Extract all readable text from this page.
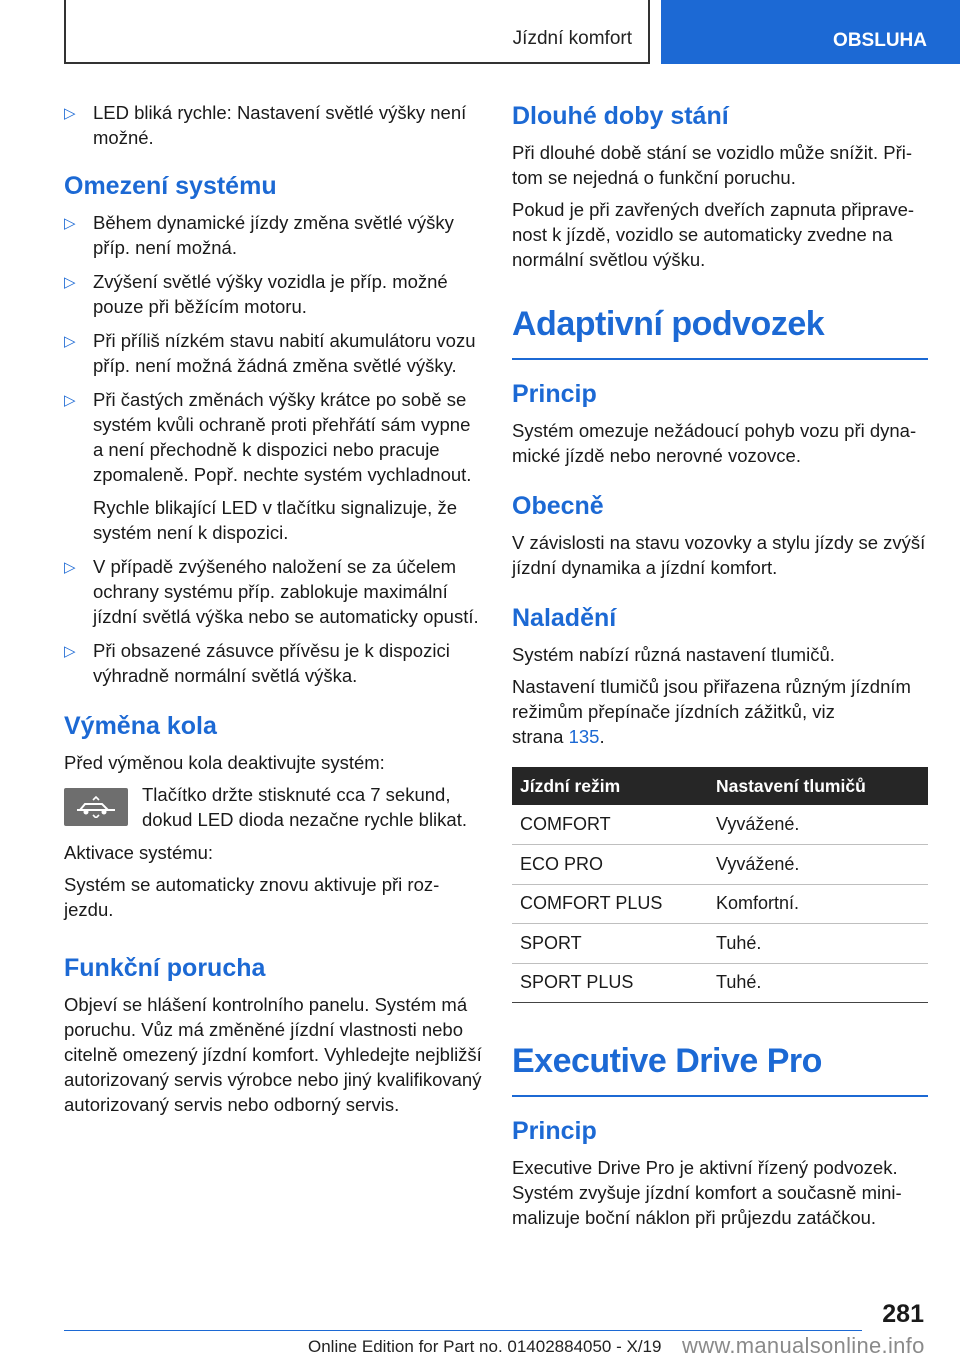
Jízdní komfort	OBSLUHA
▷ LED bliká rychle: Nastavení světlé výšky není možné.
Omezení systému
▷ Během dynamické jízdy změna světlé výšky příp. není možná.
▷ Zvýšení světlé výšky vozidla je příp. možné pouze při běžícím motoru.
▷ Při příliš nízkém stavu nabití akumulátoru vozu příp. není možná žádná změna světlé výšky.
▷ Při častých změnách výšky krátce po sobě se systém kvůli ochraně proti přehřátí sám vypne a není přechodně k dispozici nebo pracuje zpomaleně. Popř. nechte systém vychladnout.
Rychle blikající LED v tlačítku signalizuje, že systém není k dispozici.
▷ V případě zvýšeného naložení se za účelem ochrany systému příp. zablokuje maximální jízdní světlá výška nebo se automaticky opustí.
▷ Při obsazené zásuvce přívěsu je k dispozici výhradně normální světlá výška.
Výměna kola

Před výměnou kola deaktivujte systém:

Tlačítko držte stisknuté cca 7 sekund, dokud LED dioda nezačne rychle blikat.

Aktivace systému:

Systém se automaticky znovu aktivuje při rozjezdu.

Funkční porucha

Objeví se hlášení kontrolního panelu. Systém má poruchu. Vůz má změněné jízdní vlastnosti nebo citelně omezený jízdní komfort. Vyhledejte nejbližší autorizovaný servis výrobce nebo jiný kvalifikovaný autorizovaný servis nebo odborný servis.

Dlouhé doby stání

Při dlouhé době stání se vozidlo může snížit. Přitom se nejedná o funkční poruchu.

Pokud je při zavřených dveřích zapnuta připravenost k jízdě, vozidlo se automaticky zvedne na normální světlou výšku.

Adaptivní podvozek
Princip

Systém omezuje nežádoucí pohyb vozu při dynamické jízdě nebo nerovné vozovce.

Obecně

V závislosti na stavu vozovky a stylu jízdy se zvýší jízdní dynamika a jízdní komfort.

Naladění

Systém nabízí různá nastavení tlumičů.

Nastavení tlumičů jsou přiřazena různým jízdním režimům přepínače jízdních zážitků, viz strana 135.

Jízdní režim	Nastavení tlumičů
COMFORT	Vyvážené.
ECO PRO	Vyvážené.
COMFORT PLUS	Komfortní.
SPORT	Tuhé.
SPORT PLUS	Tuhé.
Executive Drive Pro
Princip

Executive Drive Pro je aktivní řízený podvozek.

Systém zvyšuje jízdní komfort a současně minimalizuje boční náklon při průjezdu zatáčkou.

281
Online Edition for Part no. 01402884050 - X/19 www.manualsonline.info
